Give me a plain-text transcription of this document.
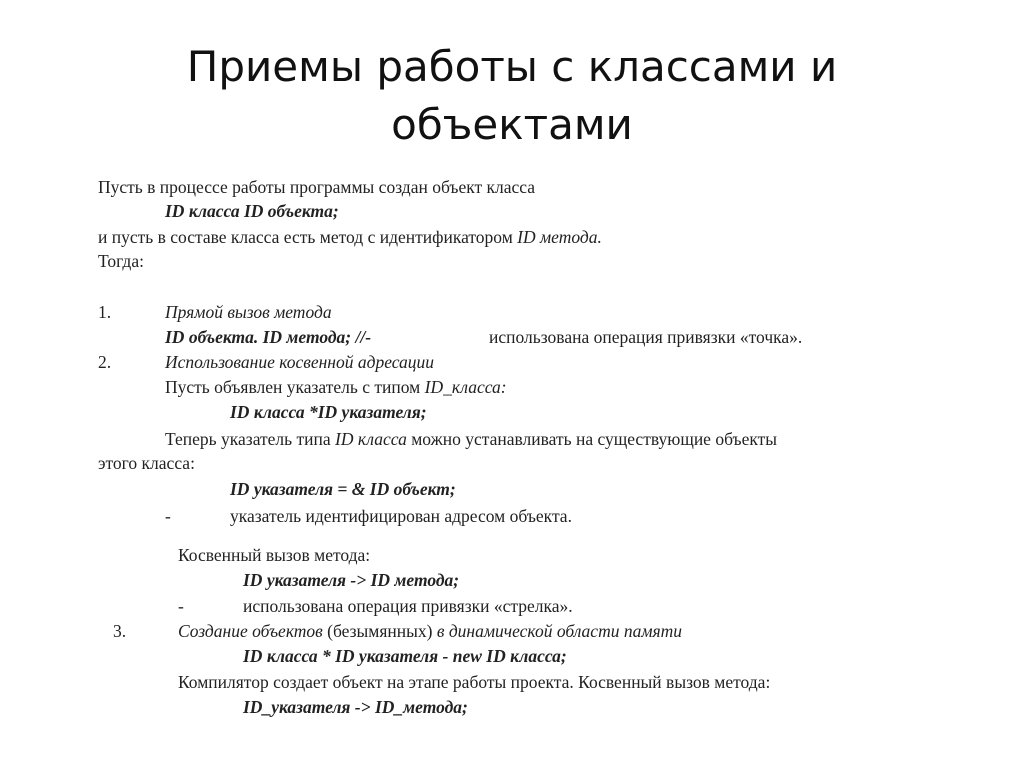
Приемы работы с классами и
объектами
Пусть в процессе работы программы создан объект класса
ID класса ID объекта;
и пусть в составе класса есть метод с идентификатором ID метода.
Тогда:
1.	Прямой вызов метода
ID объекта. ID метода; //-	использована операция привязки «точка».
2.	Использование косвенной адресации
Пусть объявлен указатель с типом ID_класса:
ID класса *ID указателя;
Теперь указатель типа ID класса можно устанавливать на существующие объекты
этого класса:
ID указателя = & ID объект;
-	указатель идентифицирован адресом объекта.
Косвенный вызов метода:
ID указателя -> ID метода;
-	использована операция привязки «стрелка».
3.	Создание объектов (безымянных) в динамической области памяти
ID класса * ID указателя - new ID класса;
Компилятор создает объект на этапе работы проекта. Косвенный вызов метода:
ID_указателя -> ID_метода;
